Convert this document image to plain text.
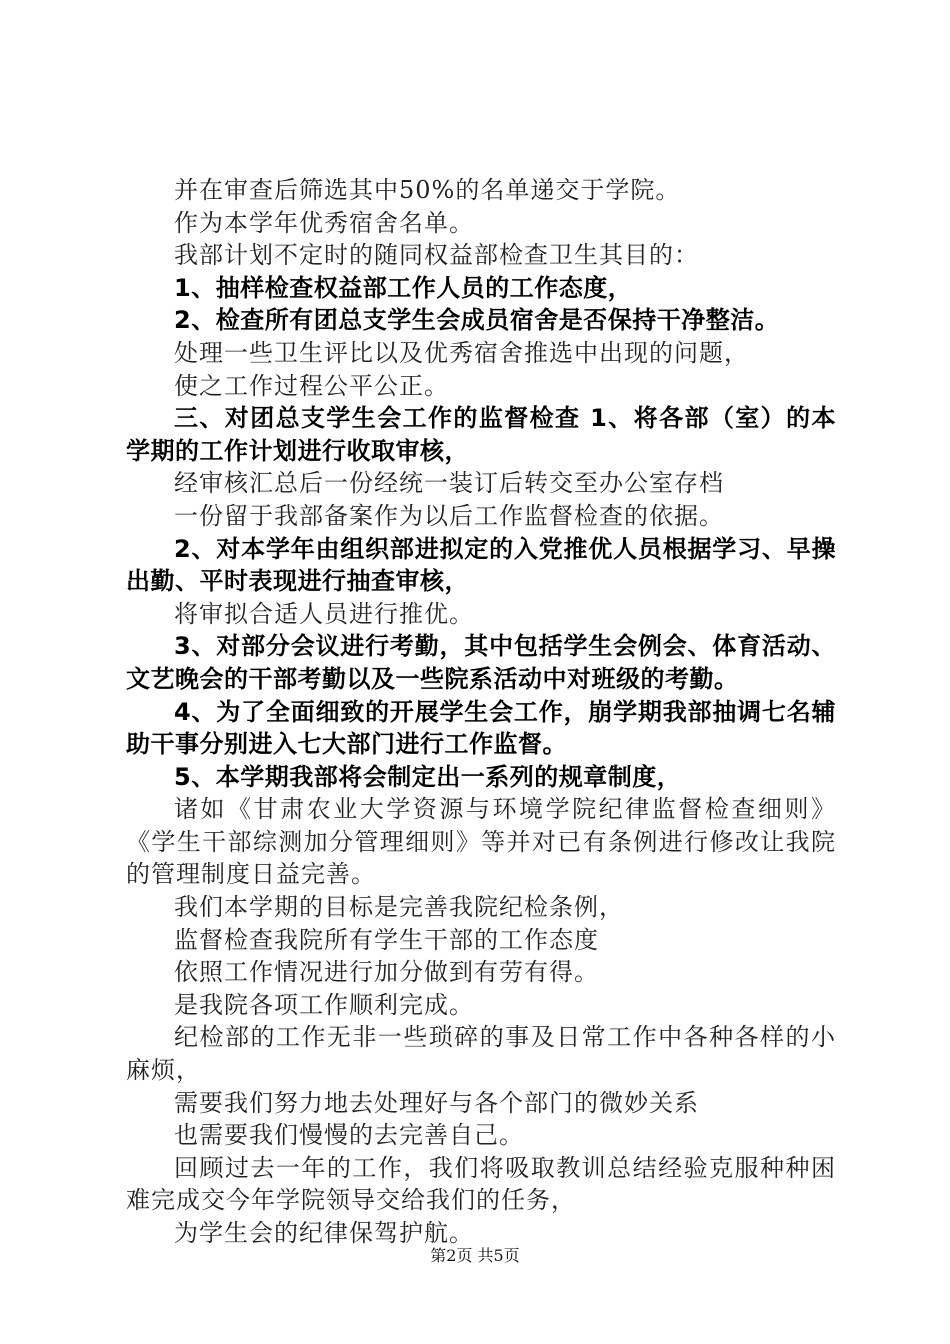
并在审查后筛选其中50%的名单递交于学院。

作为本学年优秀宿舍名单。

我部计划不定时的随同权益部检查卫生其目的：

1、抽样检查权益部工作人员的工作态度，

2、检查所有团总支学生会成员宿舍是否保持干净整洁。

处理一些卫生评比以及优秀宿舍推选中出现的问题，

使之工作过程公平公正。

三、对团总支学生会工作的监督检查 1、将各部（室）的本学期的工作计划进行收取审核，

经审核汇总后一份经统一装订后转交至办公室存档

一份留于我部备案作为以后工作监督检查的依据。

2、对本学年由组织部进拟定的入党推优人员根据学习、早操出勤、平时表现进行抽查审核，

将审拟合适人员进行推优。

3、对部分会议进行考勤，其中包括学生会例会、体育活动、文艺晚会的干部考勤以及一些院系活动中对班级的考勤。

4、为了全面细致的开展学生会工作，崩学期我部抽调七名辅助干事分别进入七大部门进行工作监督。

5、本学期我部将会制定出一系列的规章制度，

诸如《甘肃农业大学资源与环境学院纪律监督检查细则》《学生干部综测加分管理细则》等并对已有条例进行修改让我院的管理制度日益完善。

我们本学期的目标是完善我院纪检条例，

监督检查我院所有学生干部的工作态度

依照工作情况进行加分做到有劳有得。

是我院各项工作顺利完成。

纪检部的工作无非一些琐碎的事及日常工作中各种各样的小麻烦，

需要我们努力地去处理好与各个部门的微妙关系

也需要我们慢慢的去完善自己。

回顾过去一年的工作，我们将吸取教训总结经验克服种种困难完成交今年学院领导交给我们的任务，

为学生会的纪律保驾护航。

第2页 共5页
